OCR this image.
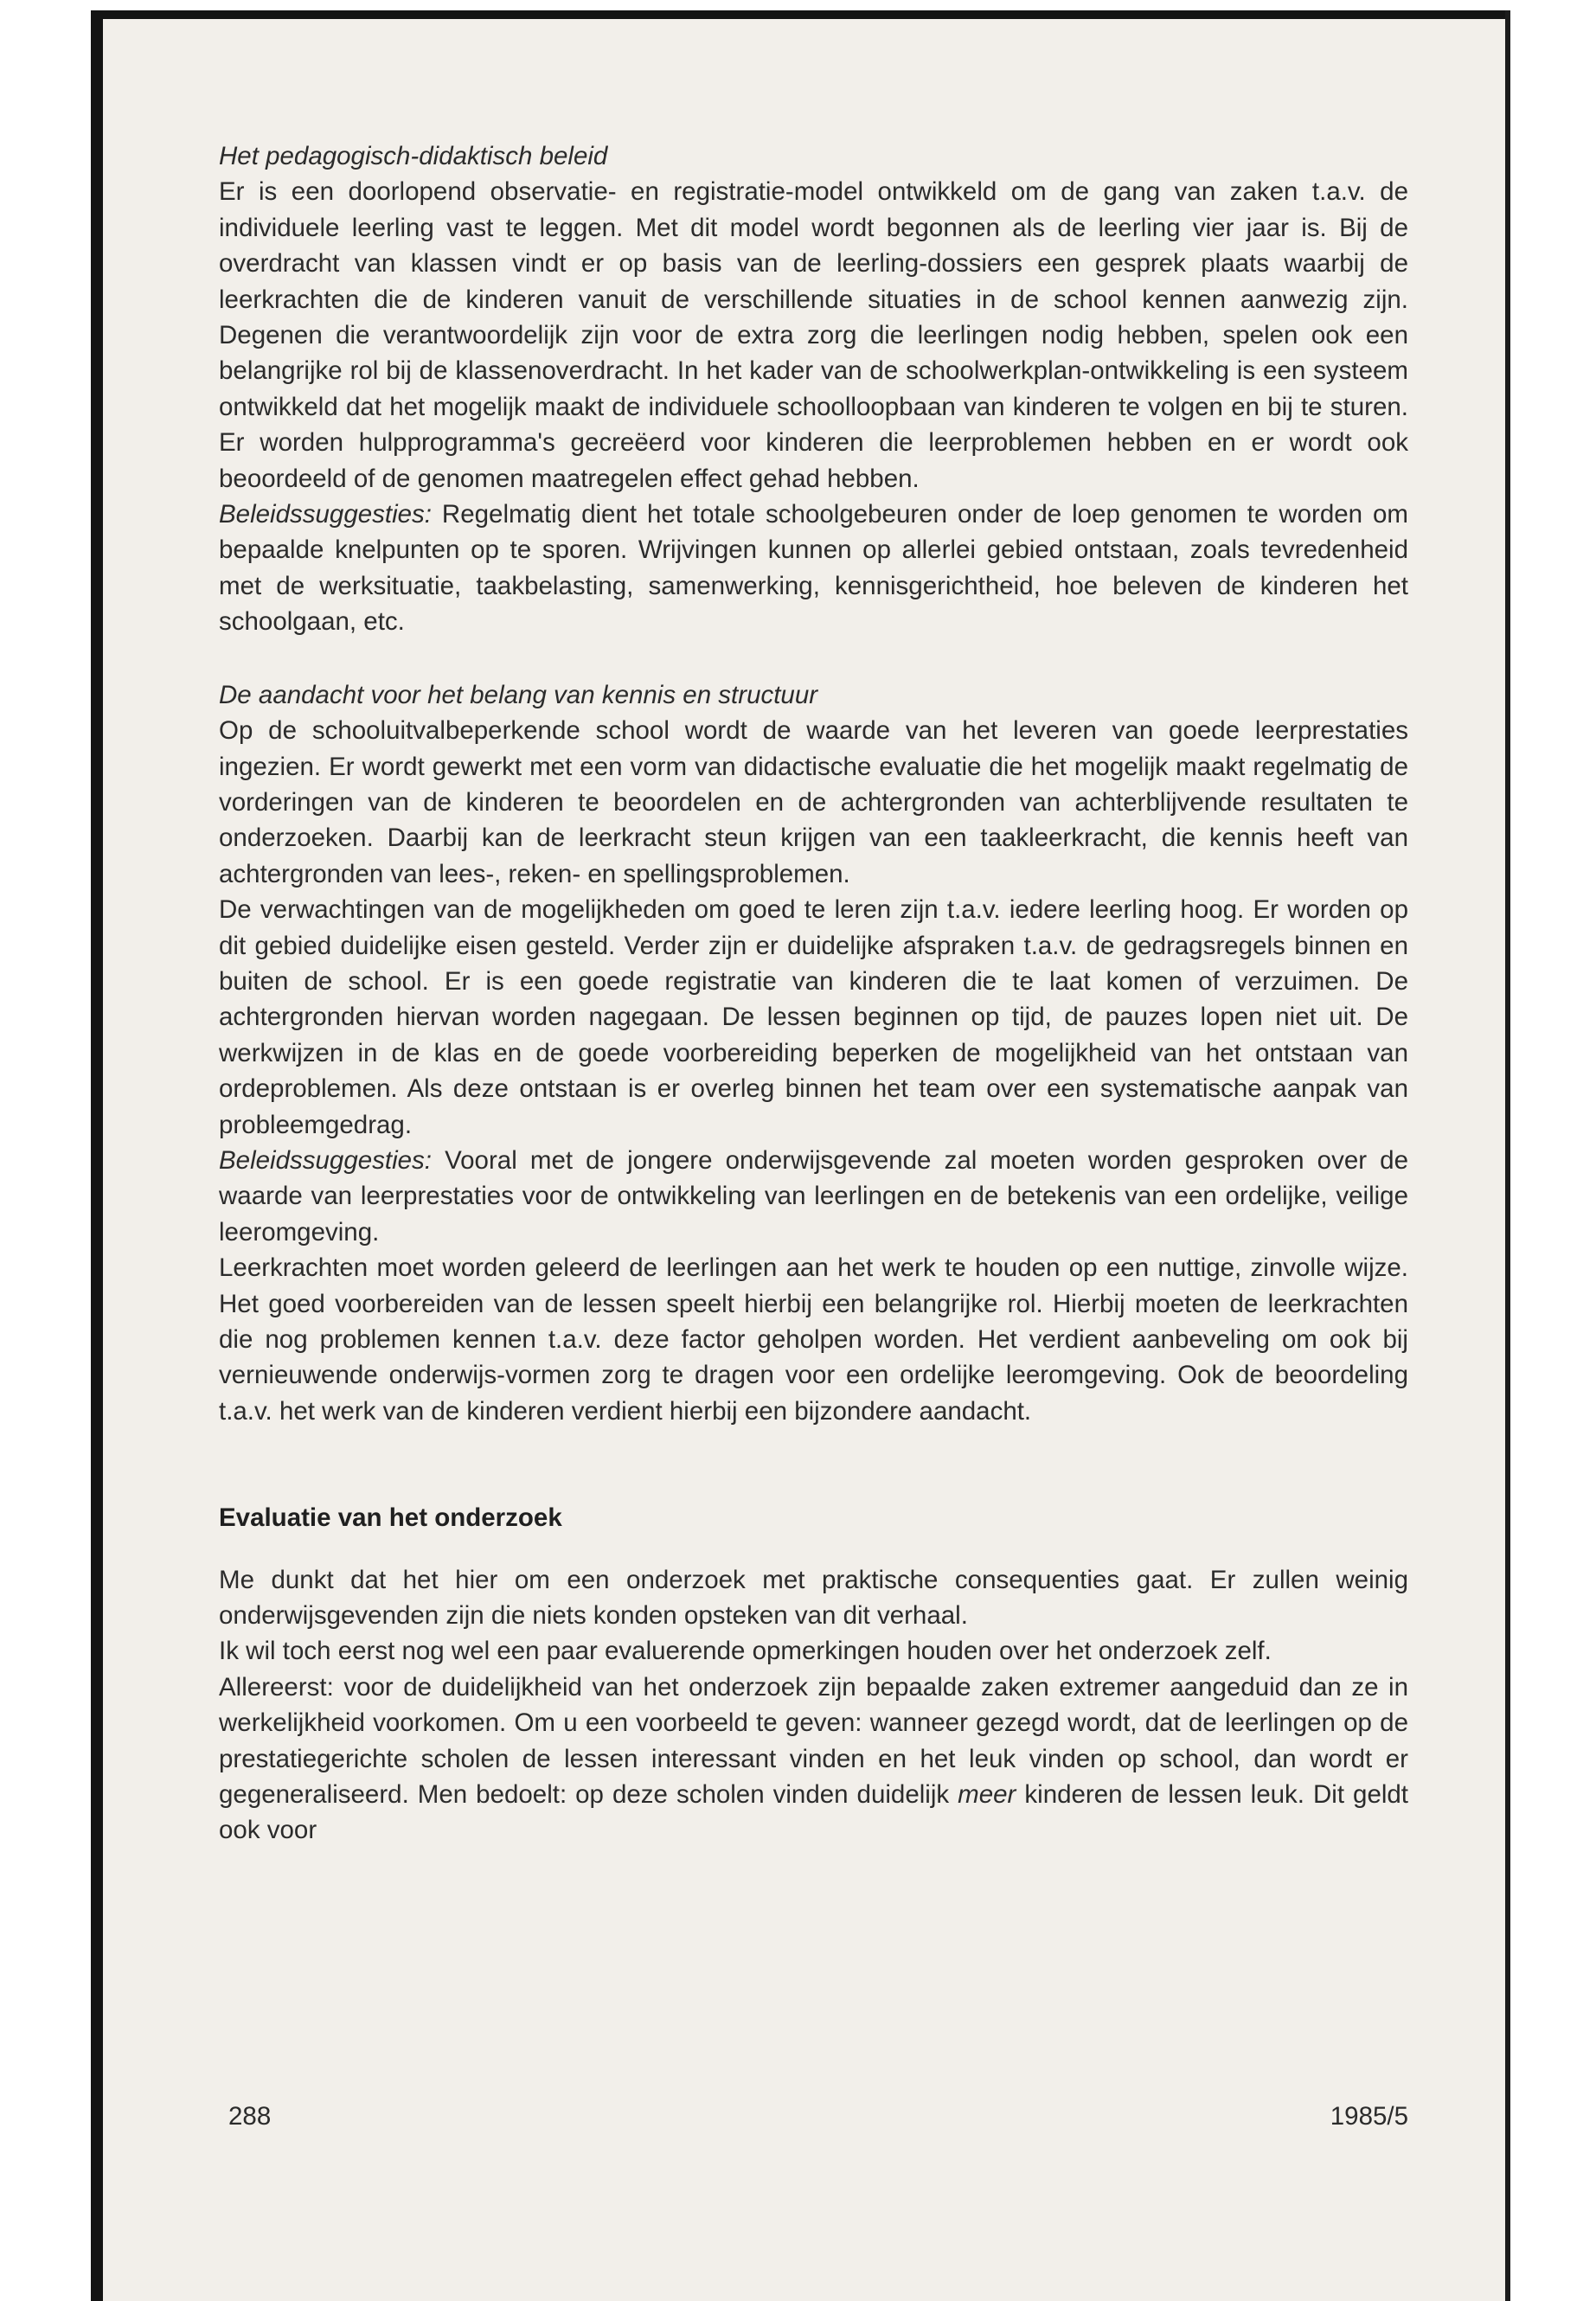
Het pedagogisch-didaktisch beleid

Er is een doorlopend observatie- en registratie-model ontwikkeld om de gang van zaken t.a.v. de individuele leerling vast te leggen. Met dit model wordt begonnen als de leerling vier jaar is. Bij de overdracht van klassen vindt er op basis van de leerling-dossiers een gesprek plaats waarbij de leerkrachten die de kinderen vanuit de verschillende situaties in de school kennen aanwezig zijn. Degenen die verantwoordelijk zijn voor de extra zorg die leerlingen nodig hebben, spelen ook een belangrijke rol bij de klassenoverdracht. In het kader van de schoolwerkplan-ontwikkeling is een systeem ontwikkeld dat het mogelijk maakt de individuele schoolloopbaan van kinderen te volgen en bij te sturen. Er worden hulpprogramma's gecreëerd voor kinderen die leerproblemen hebben en er wordt ook beoordeeld of de genomen maatregelen effect gehad hebben.

Beleidssuggesties: Regelmatig dient het totale schoolgebeuren onder de loep genomen te worden om bepaalde knelpunten op te sporen. Wrijvingen kunnen op allerlei gebied ontstaan, zoals tevredenheid met de werksituatie, taakbelasting, samenwerking, kennisgerichtheid, hoe beleven de kinderen het schoolgaan, etc.

De aandacht voor het belang van kennis en structuur

Op de schooluitvalbeperkende school wordt de waarde van het leveren van goede leerprestaties ingezien. Er wordt gewerkt met een vorm van didactische evaluatie die het mogelijk maakt regelmatig de vorderingen van de kinderen te beoordelen en de achtergronden van achterblijvende resultaten te onderzoeken. Daarbij kan de leerkracht steun krijgen van een taakleerkracht, die kennis heeft van achtergronden van lees-, reken- en spellingsproblemen.

De verwachtingen van de mogelijkheden om goed te leren zijn t.a.v. iedere leerling hoog. Er worden op dit gebied duidelijke eisen gesteld. Verder zijn er duidelijke afspraken t.a.v. de gedragsregels binnen en buiten de school. Er is een goede registratie van kinderen die te laat komen of verzuimen. De achtergronden hiervan worden nagegaan. De lessen beginnen op tijd, de pauzes lopen niet uit. De werkwijzen in de klas en de goede voorbereiding beperken de mogelijkheid van het ontstaan van ordeproblemen. Als deze ontstaan is er overleg binnen het team over een systematische aanpak van probleemgedrag.

Beleidssuggesties: Vooral met de jongere onderwijsgevende zal moeten worden gesproken over de waarde van leerprestaties voor de ontwikkeling van leerlingen en de betekenis van een ordelijke, veilige leeromgeving.

Leerkrachten moet worden geleerd de leerlingen aan het werk te houden op een nuttige, zinvolle wijze. Het goed voorbereiden van de lessen speelt hierbij een belangrijke rol. Hierbij moeten de leerkrachten die nog problemen kennen t.a.v. deze factor geholpen worden. Het verdient aanbeveling om ook bij vernieuwende onderwijs-vormen zorg te dragen voor een ordelijke leeromgeving. Ook de beoordeling t.a.v. het werk van de kinderen verdient hierbij een bijzondere aandacht.

Evaluatie van het onderzoek

Me dunkt dat het hier om een onderzoek met praktische consequenties gaat. Er zullen weinig onderwijsgevenden zijn die niets konden opsteken van dit verhaal.

Ik wil toch eerst nog wel een paar evaluerende opmerkingen houden over het onderzoek zelf.

Allereerst: voor de duidelijkheid van het onderzoek zijn bepaalde zaken extremer aangeduid dan ze in werkelijkheid voorkomen. Om u een voorbeeld te geven: wanneer gezegd wordt, dat de leerlingen op de prestatiegerichte scholen de lessen interessant vinden en het leuk vinden op school, dan wordt er gegeneraliseerd. Men bedoelt: op deze scholen vinden duidelijk meer kinderen de lessen leuk. Dit geldt ook voor

288	1985/5
